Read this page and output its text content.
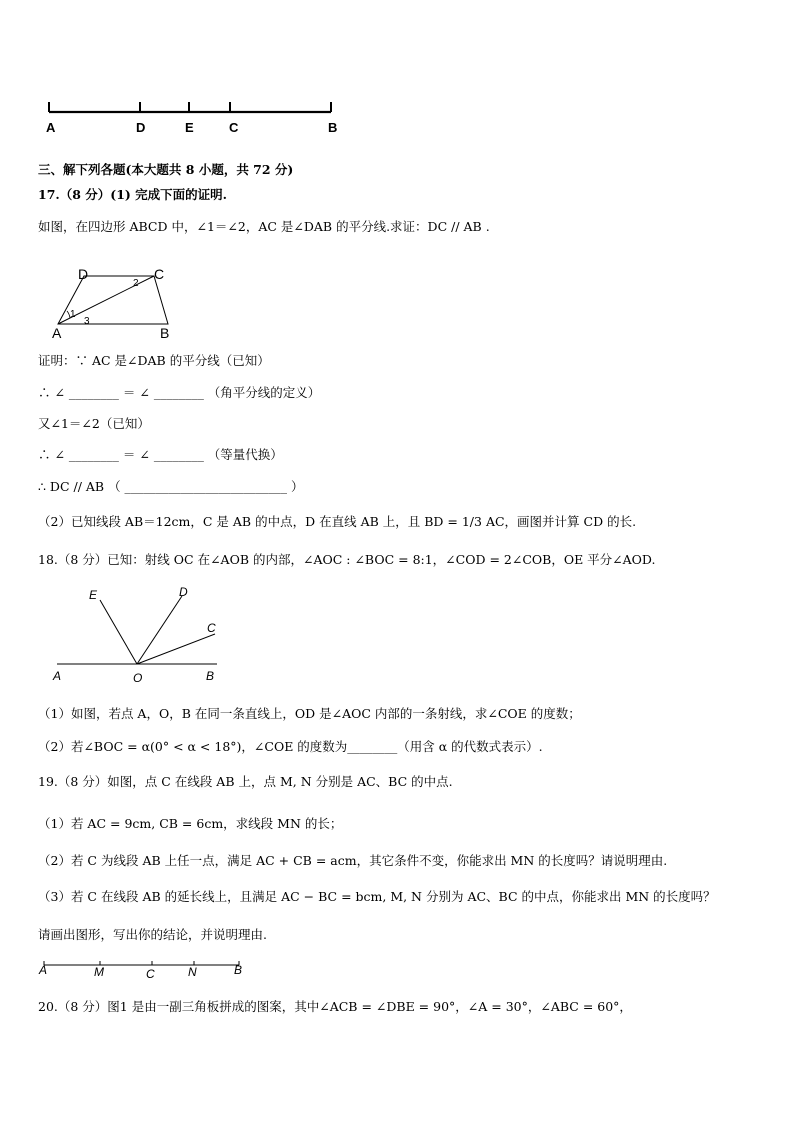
A	D	E	C	B
三、解下列各题(本大题共 8 小题，共 72 分)
17.（8 分）(1) 完成下面的证明.
如图，在四边形 ABCD 中，∠1＝∠2，AC 是∠DAB 的平分线.求证：DC // AB .
D	C
A	B
2
1
3
证明：∵ AC 是∠DAB 的平分线（已知）
∴ ∠ ________ ＝ ∠ ________ （角平分线的定义）
又∠1＝∠2（已知）
∴ ∠ ________ ＝ ∠ ________ （等量代换）
∴ DC // AB （ __________________________ ）
（2）已知线段 AB＝12cm，C 是 AB 的中点，D 在直线 AB 上，且 BD = 1/3 AC，画图并计算 CD 的长.
18.（8 分）已知：射线 OC 在∠AOB 的内部，∠AOC : ∠BOC = 8:1，∠COD = 2∠COB，OE 平分∠AOD.
E	D
C
A	O	B
（1）如图，若点 A，O，B 在同一条直线上，OD 是∠AOC 内部的一条射线，求∠COE 的度数；
（2）若∠BOC = α(0° < α < 18°)，∠COE 的度数为________（用含 α 的代数式表示）.
19.（8 分）如图，点 C 在线段 AB 上，点 M, N 分别是 AC、BC 的中点.
（1）若 AC = 9cm, CB = 6cm，求线段 MN 的长；
（2）若 C 为线段 AB 上任一点，满足 AC + CB = acm，其它条件不变，你能求出 MN 的长度吗？请说明理由.
（3）若 C 在线段 AB 的延长线上，且满足 AC − BC = bcm, M, N 分别为 AC、BC 的中点，你能求出 MN 的长度吗？
请画出图形，写出你的结论，并说明理由.
A	M	C	N	B
20.（8 分）图1 是由一副三角板拼成的图案，其中∠ACB = ∠DBE = 90°，∠A = 30°，∠ABC = 60°，
